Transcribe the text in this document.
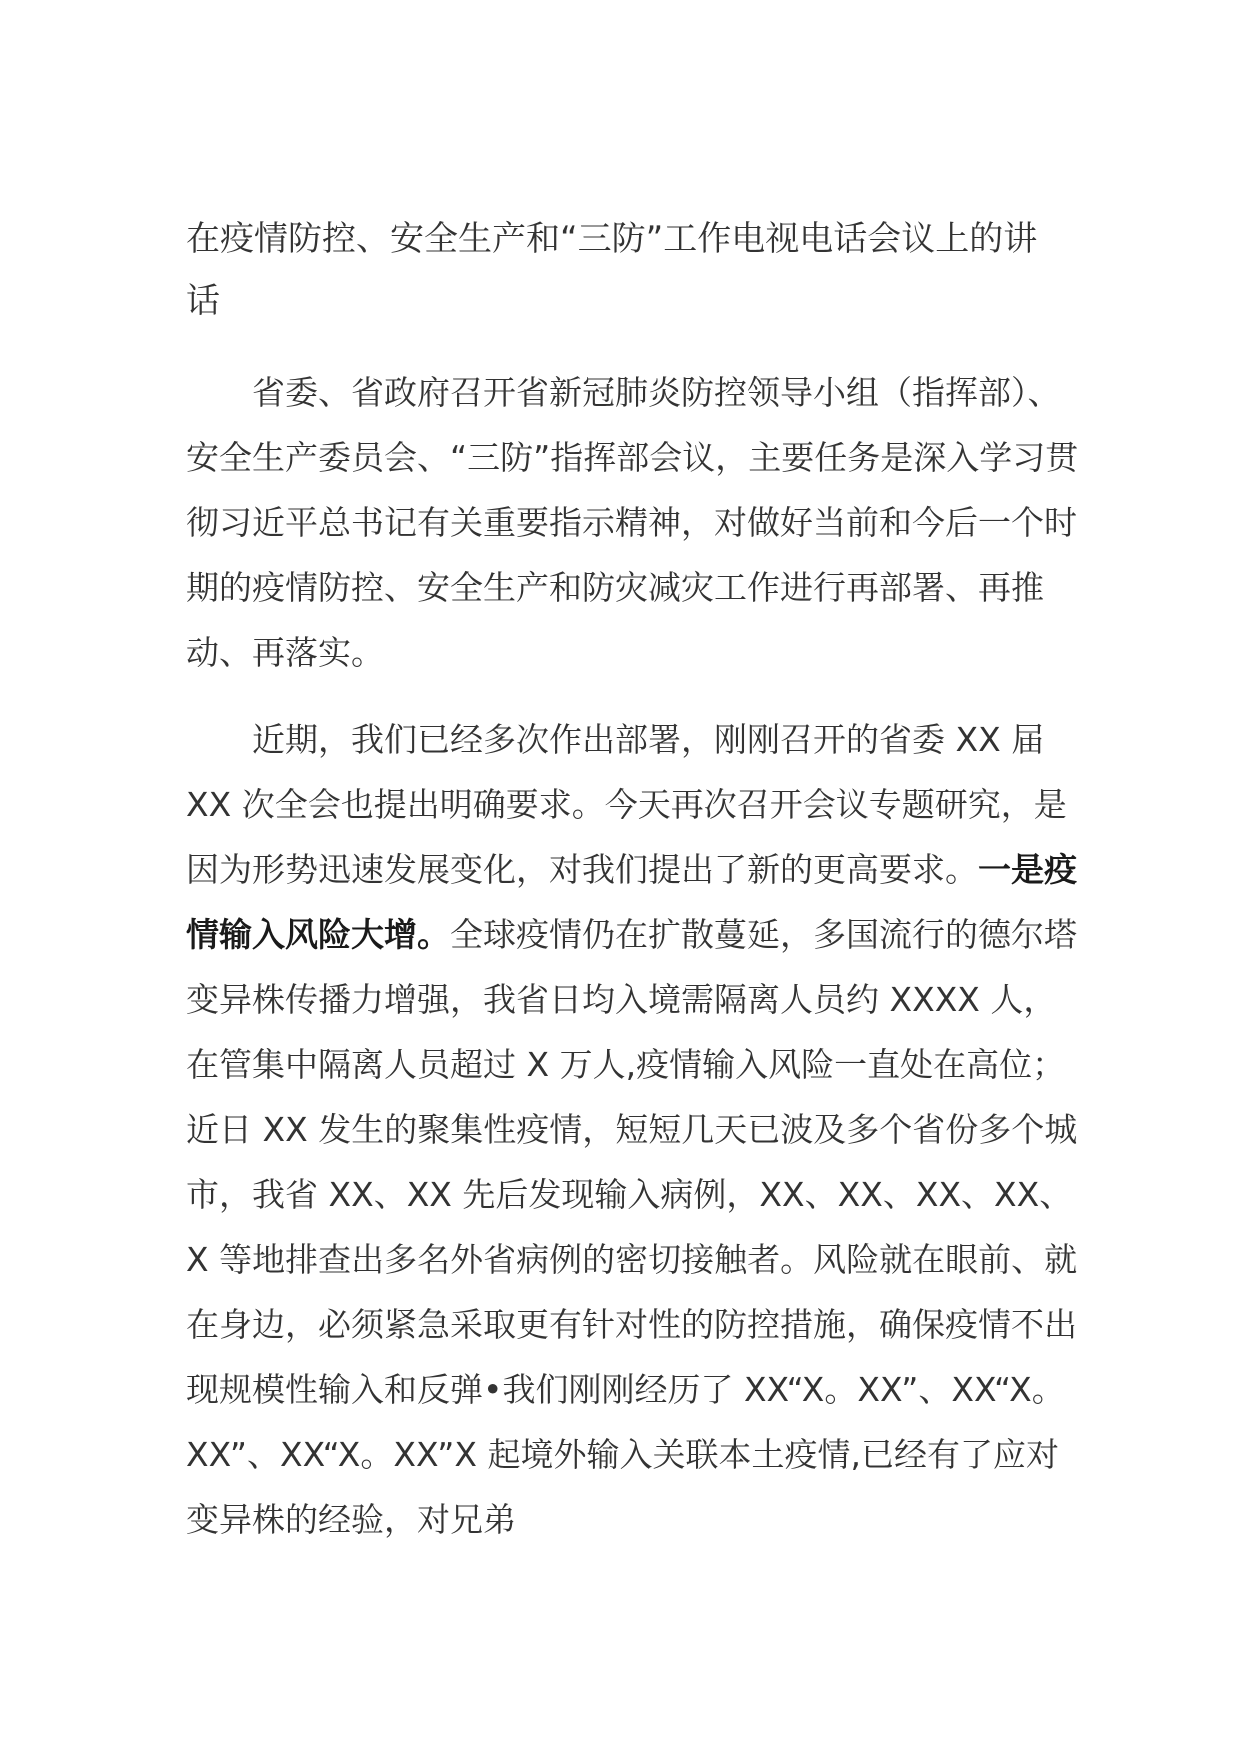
在疫情防控、安全生产和“三防”工作电视电话会议上的讲话

省委、省政府召开省新冠肺炎防控领导小组（指挥部）、安全生产委员会、“三防”指挥部会议，主要任务是深入学习贯彻习近平总书记有关重要指示精神，对做好当前和今后一个时期的疫情防控、安全生产和防灾减灾工作进行再部署、再推动、再落实。

近期，我们已经多次作出部署，刚刚召开的省委 XX 届 XX 次全会也提出明确要求。今天再次召开会议专题研究，是因为形势迅速发展变化，对我们提出了新的更高要求。一是疫情输入风险大增。全球疫情仍在扩散蔓延，多国流行的德尔塔变异株传播力增强，我省日均入境需隔离人员约 XXXX 人，在管集中隔离人员超过 X 万人,疫情输入风险一直处在高位；近日 XX 发生的聚集性疫情，短短几天已波及多个省份多个城市，我省 XX、XX 先后发现输入病例，XX、XX、XX、XX、X 等地排查出多名外省病例的密切接触者。风险就在眼前、就在身边，必须紧急采取更有针对性的防控措施，确保疫情不出现规模性输入和反弹•我们刚刚经历了 XX“X。XX”、XX“X。XX”、XX“X。XX”X 起境外输入关联本土疫情,已经有了应对变异株的经验，对兄弟
